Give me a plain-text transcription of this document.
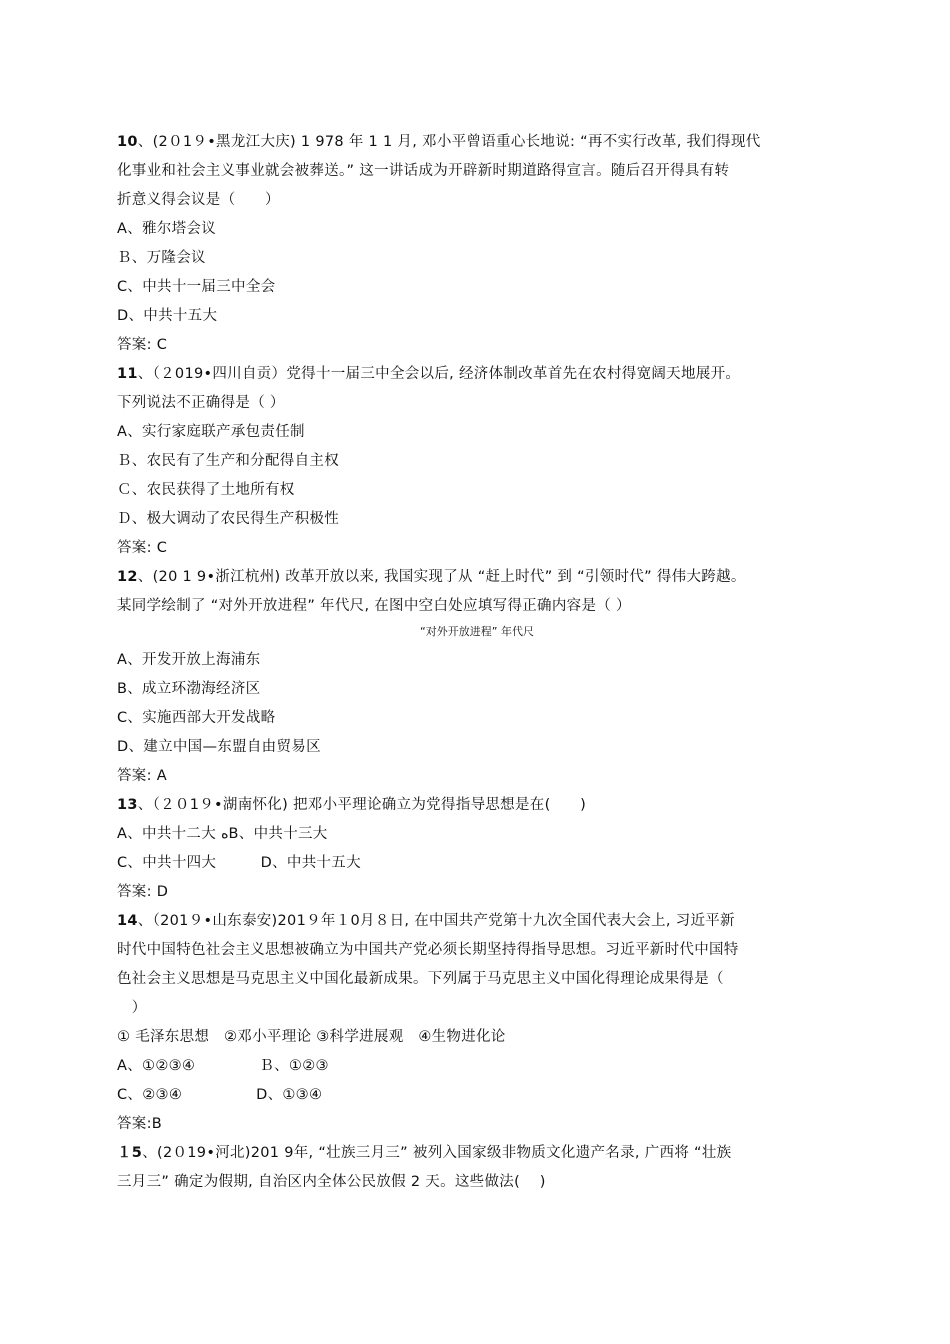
10、(2０1９•黑龙江大庆) 1 978 年 1 1 月, 邓小平曾语重心长地说: “再不实行改革, 我们得现代
化事业和社会主义事业就会被葬送。” 这一讲话成为开辟新时期道路得宣言。随后召开得具有转
折意义得会议是（　　）
A、雅尔塔会议
Ｂ、万隆会议
C、中共十一届三中全会
D、中共十五大
答案: C
11、（２019•四川自贡）党得十一届三中全会以后, 经济体制改革首先在农村得宽阔天地展开。
下列说法不正确得是（ ）
A、实行家庭联产承包责任制
Ｂ、农民有了生产和分配得自主权
Ｃ、农民获得了土地所有权
Ｄ、极大调动了农民得生产积极性
答案: C
12、(20 1 9•浙江杭州) 改革开放以来, 我国实现了从 “赶上时代” 到 “引领时代” 得伟大跨越。
某同学绘制了 “对外开放进程” 年代尺, 在图中空白处应填写得正确内容是（ ）
“对外开放进程” 年代尺
A、开发开放上海浦东
B、成立环渤海经济区
C、实施西部大开发战略
D、建立中国—东盟自由贸易区
答案: A
13、（２０1９•湖南怀化) 把邓小平理论确立为党得指导思想是在(　　)
A、中共十二大 ﻩB、中共十三大
C、中共十四大　　　D、中共十五大
答案: D
14、（201９•山东泰安)201９年１0月８日, 在中国共产党第十九次全国代表大会上, 习近平新
时代中国特色社会主义思想被确立为中国共产党必须长期坚持得指导思想。习近平新时代中国特
色社会主义思想是马克思主义中国化最新成果。下列属于马克思主义中国化得理论成果得是（
　）
① 毛泽东思想　②邓小平理论 ③科学进展观　④生物进化论
A、①②③④　　　　 Ｂ、①②③
C、②③④　　　　　D、①③④
答案:B
１5、(2０19•河北)201 9年, “壮族三月三” 被列入国家级非物质文化遗产名录, 广西将 “壮族
三月三” 确定为假期, 自治区内全体公民放假 2 天。这些做法(　 )
